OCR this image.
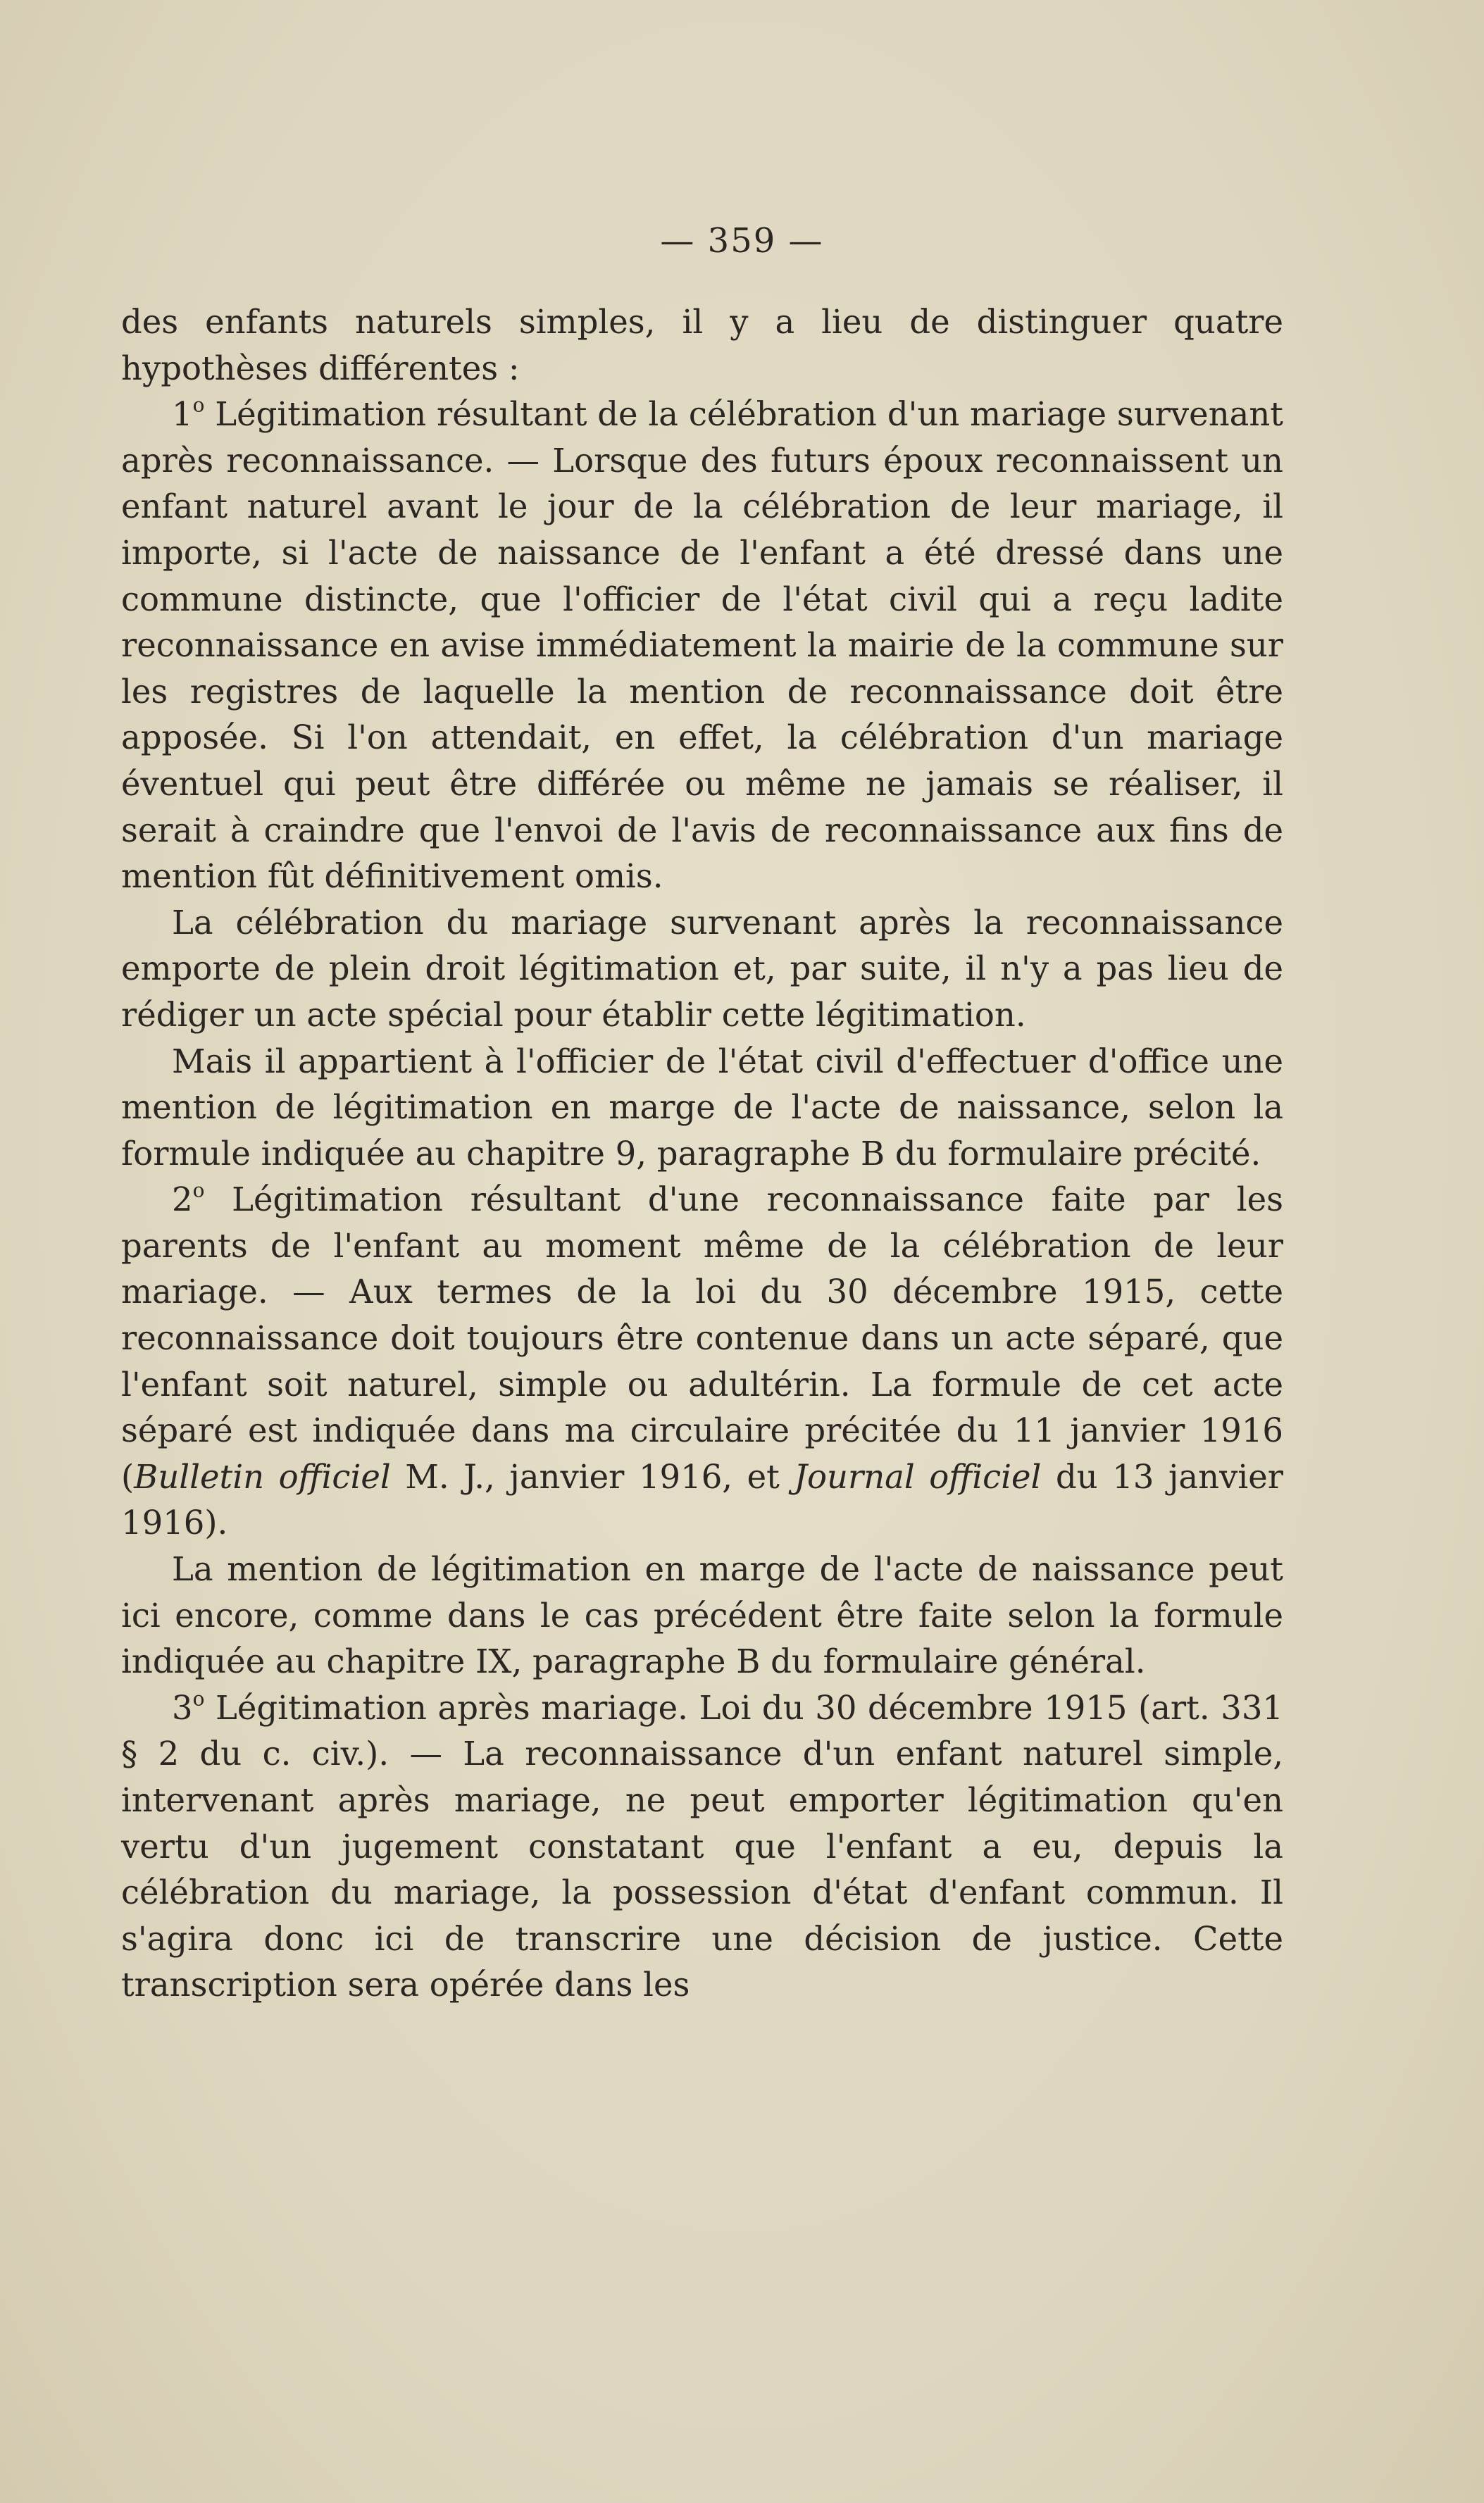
— 359 —

des enfants naturels simples, il y a lieu de distinguer quatre hypothèses différentes :

1$^o$ Légitimation résultant de la célébration d'un mariage survenant après reconnaissance. — Lorsque des futurs époux reconnaissent un enfant naturel avant le jour de la célébration de leur mariage, il importe, si l'acte de naissance de l'enfant a été dressé dans une commune distincte, que l'officier de l'état civil qui a reçu ladite reconnaissance en avise immédiatement la mairie de la commune sur les registres de laquelle la mention de reconnaissance doit être apposée. Si l'on attendait, en effet, la célébration d'un mariage éventuel qui peut être différée ou même ne jamais se réaliser, il serait à craindre que l'envoi de l'avis de reconnaissance aux fins de mention fût définitivement omis.

La célébration du mariage survenant après la reconnaissance emporte de plein droit légitimation et, par suite, il n'y a pas lieu de rédiger un acte spécial pour établir cette légitimation.

Mais il appartient à l'officier de l'état civil d'effectuer d'office une mention de légitimation en marge de l'acte de naissance, selon la formule indiquée au chapitre 9, paragraphe B du formulaire précité.

2$^o$ Légitimation résultant d'une reconnaissance faite par les parents de l'enfant au moment même de la célébration de leur mariage. — Aux termes de la loi du 30 décembre 1915, cette reconnaissance doit toujours être contenue dans un acte séparé, que l'enfant soit naturel, simple ou adultérin. La formule de cet acte séparé est indiquée dans ma circulaire précitée du 11 janvier 1916 (Bulletin officiel M. J., janvier 1916, et Journal officiel du 13 janvier 1916).

La mention de légitimation en marge de l'acte de naissance peut ici encore, comme dans le cas précédent être faite selon la formule indiquée au chapitre IX, paragraphe B du formulaire général.

3$^o$ Légitimation après mariage. Loi du 30 décembre 1915 (art. 331 § 2 du c. civ.). — La reconnaissance d'un enfant naturel simple, intervenant après mariage, ne peut emporter légitimation qu'en vertu d'un jugement constatant que l'enfant a eu, depuis la célébration du mariage, la possession d'état d'enfant commun. Il s'agira donc ici de transcrire une décision de justice. Cette transcription sera opérée dans les
